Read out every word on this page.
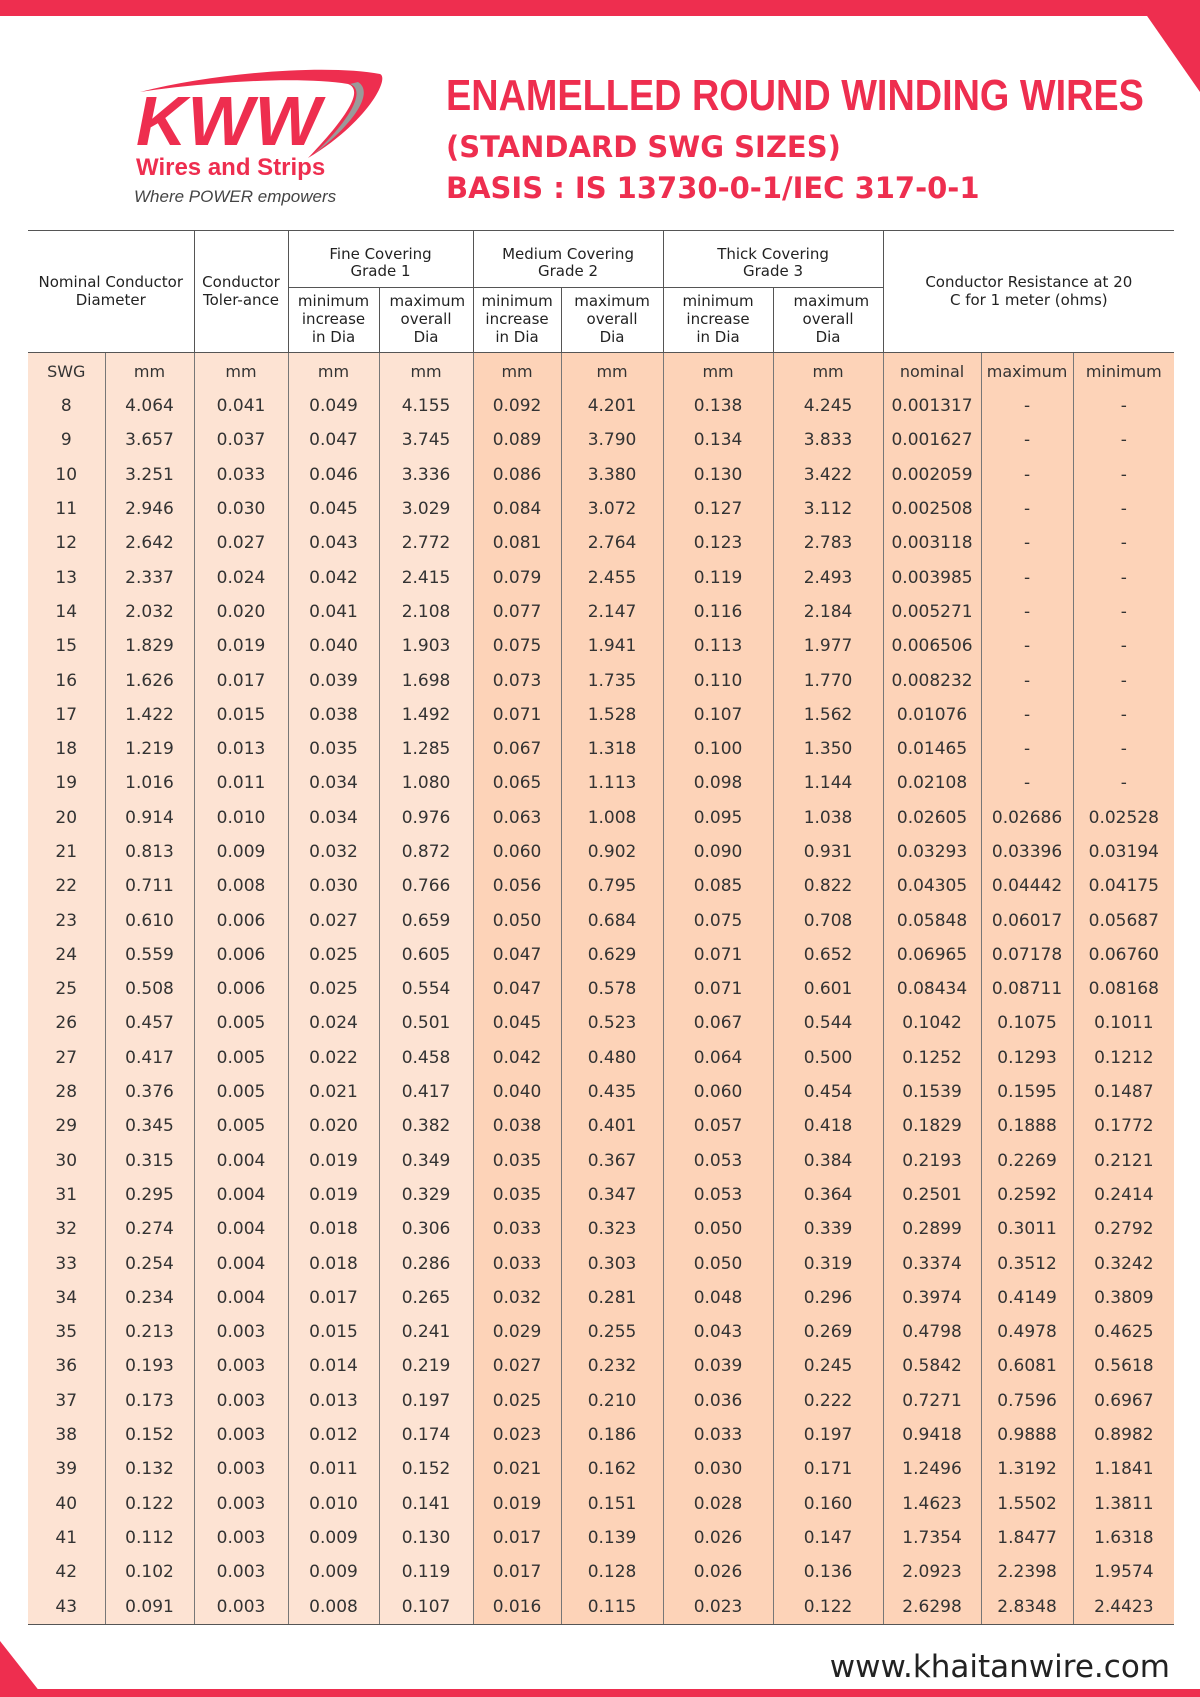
KWW
Wires and Strips
Where POWER empowers
ENAMELLED ROUND WINDING WIRES
(STANDARD SWG SIZES)
BASIS : IS 13730-0-1/IEC 317-0-1
Nominal Conductor Diameter		Conductor Toler-ance	Fine Covering Grade 1		Medium Covering Grade 2		Thick Covering Grade 3		Conductor Resistance at 20 C for 1 meter (ohms)		
			minimum increase in Dia	maximum overall Dia	minimum increase in Dia	maximum overall Dia	minimum increase in Dia	maximum overall Dia			
SWG	mm	mm	mm	mm	mm	mm	mm	mm	nominal	maximum	minimum
8	4.064	0.041	0.049	4.155	0.092	4.201	0.138	4.245	0.001317	-	-
9	3.657	0.037	0.047	3.745	0.089	3.790	0.134	3.833	0.001627	-	-
10	3.251	0.033	0.046	3.336	0.086	3.380	0.130	3.422	0.002059	-	-
11	2.946	0.030	0.045	3.029	0.084	3.072	0.127	3.112	0.002508	-	-
12	2.642	0.027	0.043	2.772	0.081	2.764	0.123	2.783	0.003118	-	-
13	2.337	0.024	0.042	2.415	0.079	2.455	0.119	2.493	0.003985	-	-
14	2.032	0.020	0.041	2.108	0.077	2.147	0.116	2.184	0.005271	-	-
15	1.829	0.019	0.040	1.903	0.075	1.941	0.113	1.977	0.006506	-	-
16	1.626	0.017	0.039	1.698	0.073	1.735	0.110	1.770	0.008232	-	-
17	1.422	0.015	0.038	1.492	0.071	1.528	0.107	1.562	0.01076	-	-
18	1.219	0.013	0.035	1.285	0.067	1.318	0.100	1.350	0.01465	-	-
19	1.016	0.011	0.034	1.080	0.065	1.113	0.098	1.144	0.02108	-	-
20	0.914	0.010	0.034	0.976	0.063	1.008	0.095	1.038	0.02605	0.02686	0.02528
21	0.813	0.009	0.032	0.872	0.060	0.902	0.090	0.931	0.03293	0.03396	0.03194
22	0.711	0.008	0.030	0.766	0.056	0.795	0.085	0.822	0.04305	0.04442	0.04175
23	0.610	0.006	0.027	0.659	0.050	0.684	0.075	0.708	0.05848	0.06017	0.05687
24	0.559	0.006	0.025	0.605	0.047	0.629	0.071	0.652	0.06965	0.07178	0.06760
25	0.508	0.006	0.025	0.554	0.047	0.578	0.071	0.601	0.08434	0.08711	0.08168
26	0.457	0.005	0.024	0.501	0.045	0.523	0.067	0.544	0.1042	0.1075	0.1011
27	0.417	0.005	0.022	0.458	0.042	0.480	0.064	0.500	0.1252	0.1293	0.1212
28	0.376	0.005	0.021	0.417	0.040	0.435	0.060	0.454	0.1539	0.1595	0.1487
29	0.345	0.005	0.020	0.382	0.038	0.401	0.057	0.418	0.1829	0.1888	0.1772
30	0.315	0.004	0.019	0.349	0.035	0.367	0.053	0.384	0.2193	0.2269	0.2121
31	0.295	0.004	0.019	0.329	0.035	0.347	0.053	0.364	0.2501	0.2592	0.2414
32	0.274	0.004	0.018	0.306	0.033	0.323	0.050	0.339	0.2899	0.3011	0.2792
33	0.254	0.004	0.018	0.286	0.033	0.303	0.050	0.319	0.3374	0.3512	0.3242
34	0.234	0.004	0.017	0.265	0.032	0.281	0.048	0.296	0.3974	0.4149	0.3809
35	0.213	0.003	0.015	0.241	0.029	0.255	0.043	0.269	0.4798	0.4978	0.4625
36	0.193	0.003	0.014	0.219	0.027	0.232	0.039	0.245	0.5842	0.6081	0.5618
37	0.173	0.003	0.013	0.197	0.025	0.210	0.036	0.222	0.7271	0.7596	0.6967
38	0.152	0.003	0.012	0.174	0.023	0.186	0.033	0.197	0.9418	0.9888	0.8982
39	0.132	0.003	0.011	0.152	0.021	0.162	0.030	0.171	1.2496	1.3192	1.1841
40	0.122	0.003	0.010	0.141	0.019	0.151	0.028	0.160	1.4623	1.5502	1.3811
41	0.112	0.003	0.009	0.130	0.017	0.139	0.026	0.147	1.7354	1.8477	1.6318
42	0.102	0.003	0.009	0.119	0.017	0.128	0.026	0.136	2.0923	2.2398	1.9574
43	0.091	0.003	0.008	0.107	0.016	0.115	0.023	0.122	2.6298	2.8348	2.4423
www.khaitanwire.com
